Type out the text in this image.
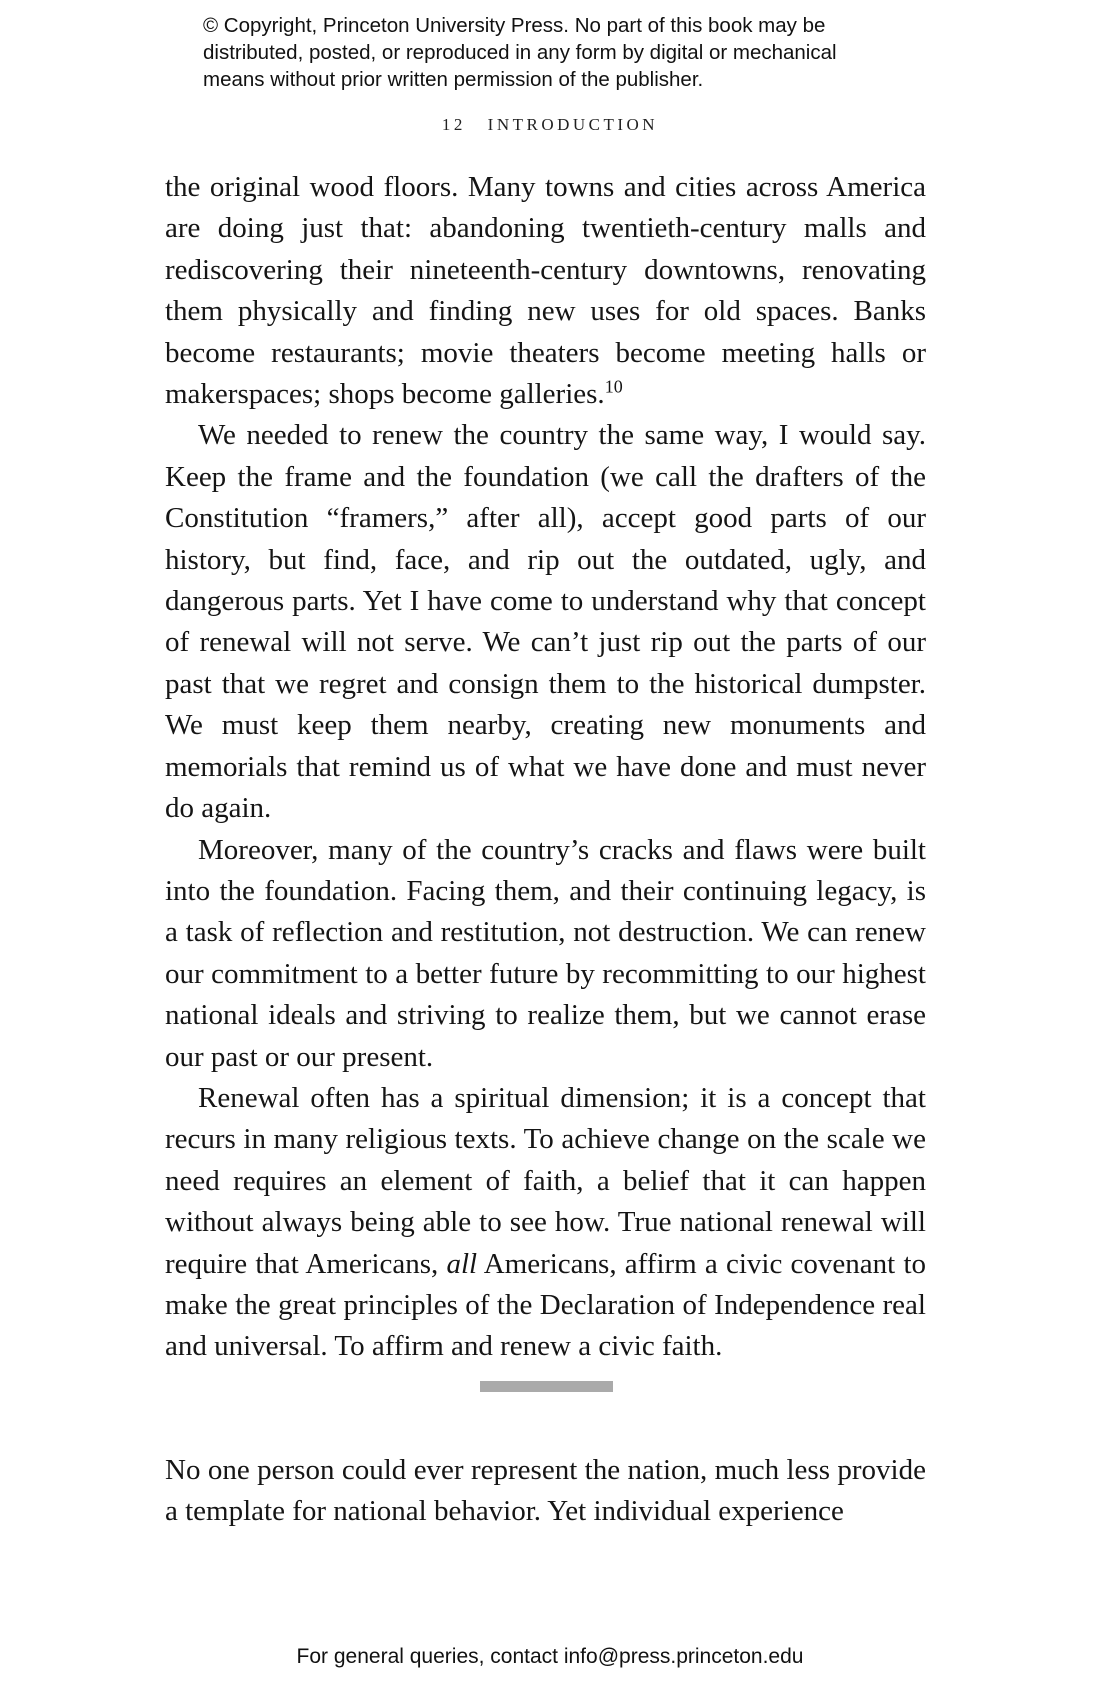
© Copyright, Princeton University Press. No part of this book may be
distributed, posted, or reproduced in any form by digital or mechanical
means without prior written permission of the publisher.
12 INTRODUCTION

the original wood floors. Many towns and cities across America are doing just that: abandoning twentieth-century malls and rediscovering their nineteenth-century downtowns, renovating them physically and finding new uses for old spaces. Banks become restaurants; movie theaters become meeting halls or makerspaces; shops become galleries.$^{10}$

We needed to renew the country the same way, I would say. Keep the frame and the foundation (we call the drafters of the Constitution “framers,” after all), accept good parts of our history, but find, face, and rip out the outdated, ugly, and dangerous parts. Yet I have come to understand why that concept of renewal will not serve. We can’t just rip out the parts of our past that we regret and consign them to the historical dumpster. We must keep them nearby, creating new monuments and memorials that remind us of what we have done and must never do again.

Moreover, many of the country’s cracks and flaws were built into the foundation. Facing them, and their continuing legacy, is a task of reflection and restitution, not destruction. We can renew our commitment to a better future by recommitting to our highest national ideals and striving to realize them, but we cannot erase our past or our present.

Renewal often has a spiritual dimension; it is a concept that recurs in many religious texts. To achieve change on the scale we need requires an element of faith, a belief that it can happen without always being able to see how. True national renewal will require that Americans, all Americans, affirm a civic covenant to make the great principles of the Declaration of Independence real and universal. To affirm and renew a civic faith.

No one person could ever represent the nation, much less provide a template for national behavior. Yet individual experience

For general queries, contact info@press.princeton.edu
